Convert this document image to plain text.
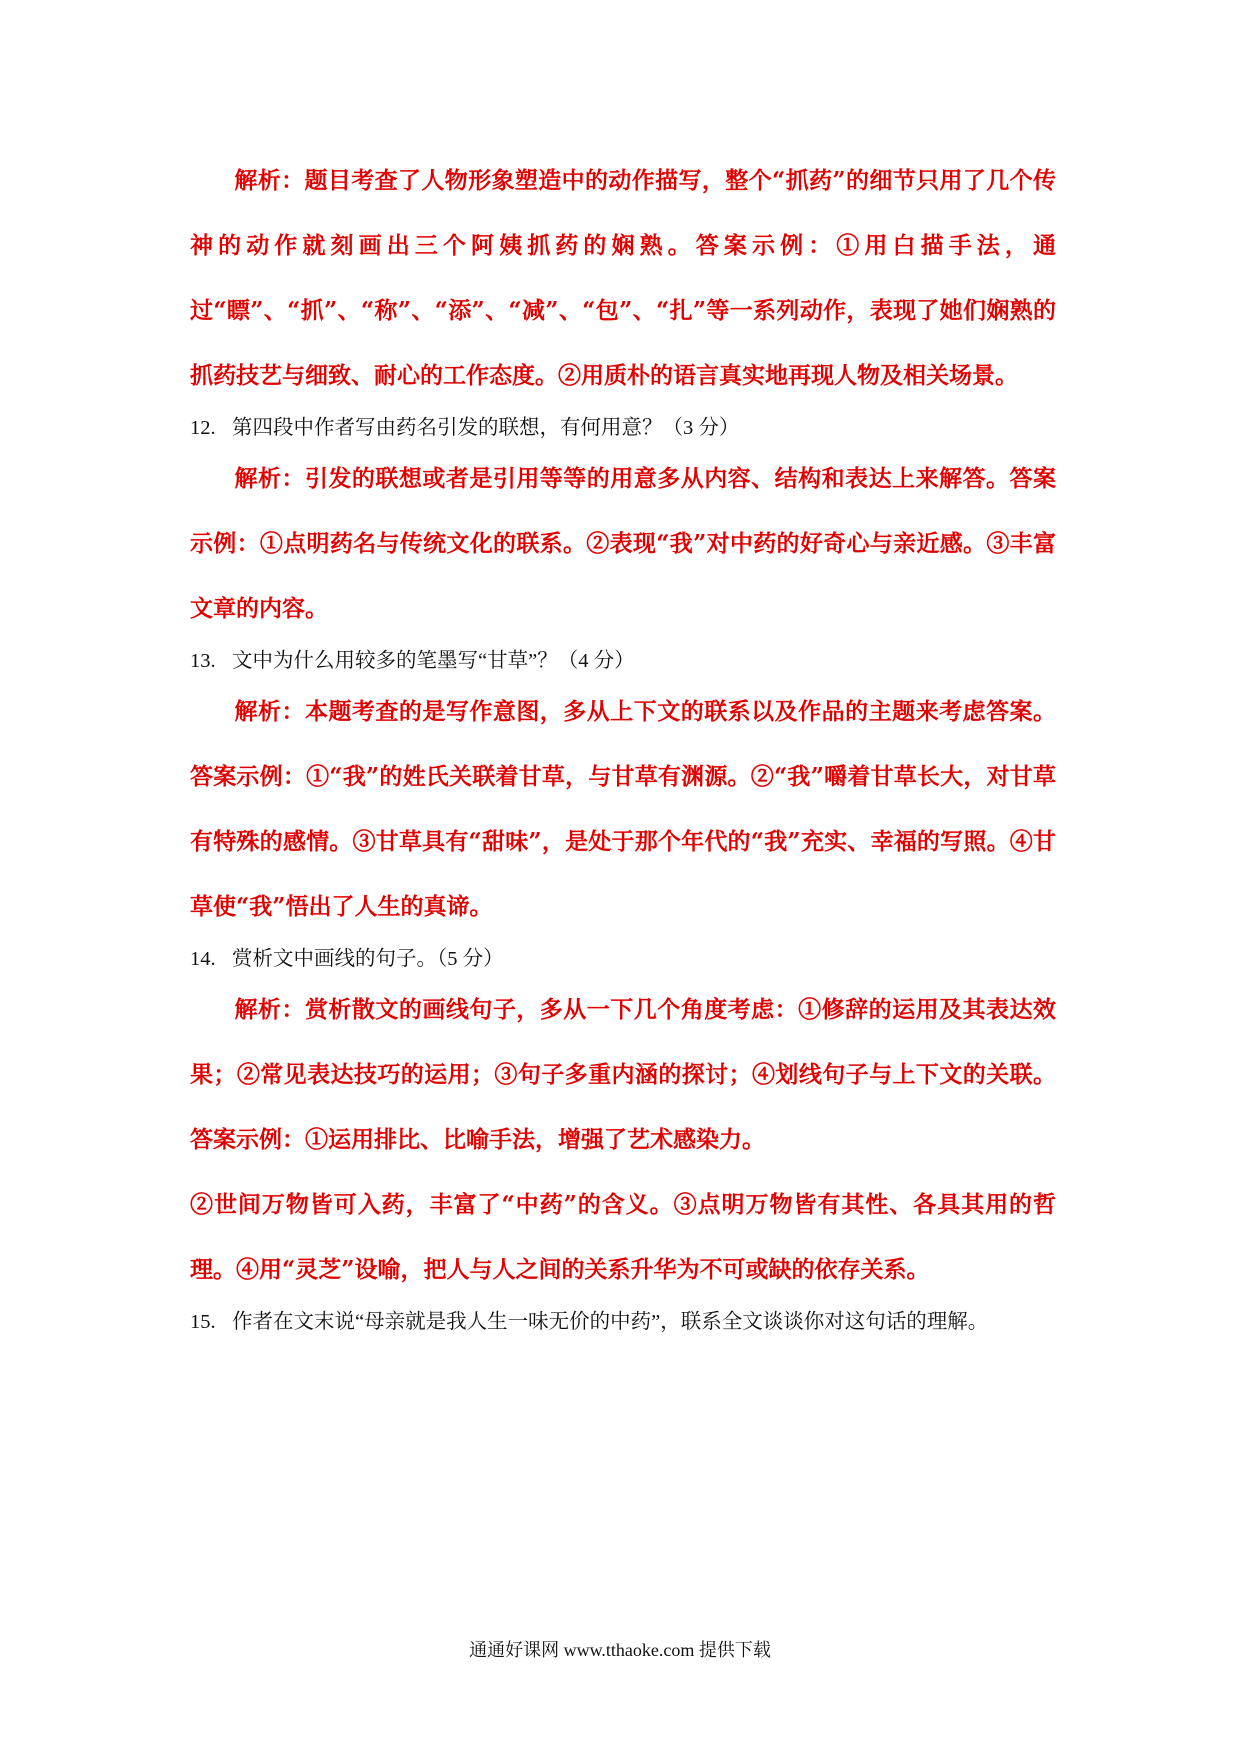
解析：题目考查了人物形象塑造中的动作描写，整个“抓药”的细节只用了几个传神的动作就刻画出三个阿姨抓药的娴熟。答案示例：①用白描手法，通过“瞟”、“抓”、“称”、“添”、“减”、“包”、“扎”等一系列动作，表现了她们娴熟的抓药技艺与细致、耐心的工作态度。②用质朴的语言真实地再现人物及相关场景。

12. 第四段中作者写由药名引发的联想，有何用意？（3 分）

解析：引发的联想或者是引用等等的用意多从内容、结构和表达上来解答。答案示例：①点明药名与传统文化的联系。②表现“我”对中药的好奇心与亲近感。③丰富文章的内容。

13. 文中为什么用较多的笔墨写“甘草”？（4 分）

解析：本题考查的是写作意图，多从上下文的联系以及作品的主题来考虑答案。答案示例：①“我”的姓氏关联着甘草，与甘草有渊源。②“我”嚼着甘草长大，对甘草有特殊的感情。③甘草具有“甜味”，是处于那个年代的“我”充实、幸福的写照。④甘草使“我”悟出了人生的真谛。

14. 赏析文中画线的句子。（5 分）

解析：赏析散文的画线句子，多从一下几个角度考虑：①修辞的运用及其表达效果；②常见表达技巧的运用；③句子多重内涵的探讨；④划线句子与上下文的关联。答案示例：①运用排比、比喻手法，增强了艺术感染力。

②世间万物皆可入药，丰富了“中药”的含义。③点明万物皆有其性、各具其用的哲理。④用“灵芝”设喻，把人与人之间的关系升华为不可或缺的依存关系。

15. 作者在文末说“母亲就是我人生一味无价的中药”，联系全文谈谈你对这句话的理解。

通通好课网 www.tthaoke.com 提供下载
